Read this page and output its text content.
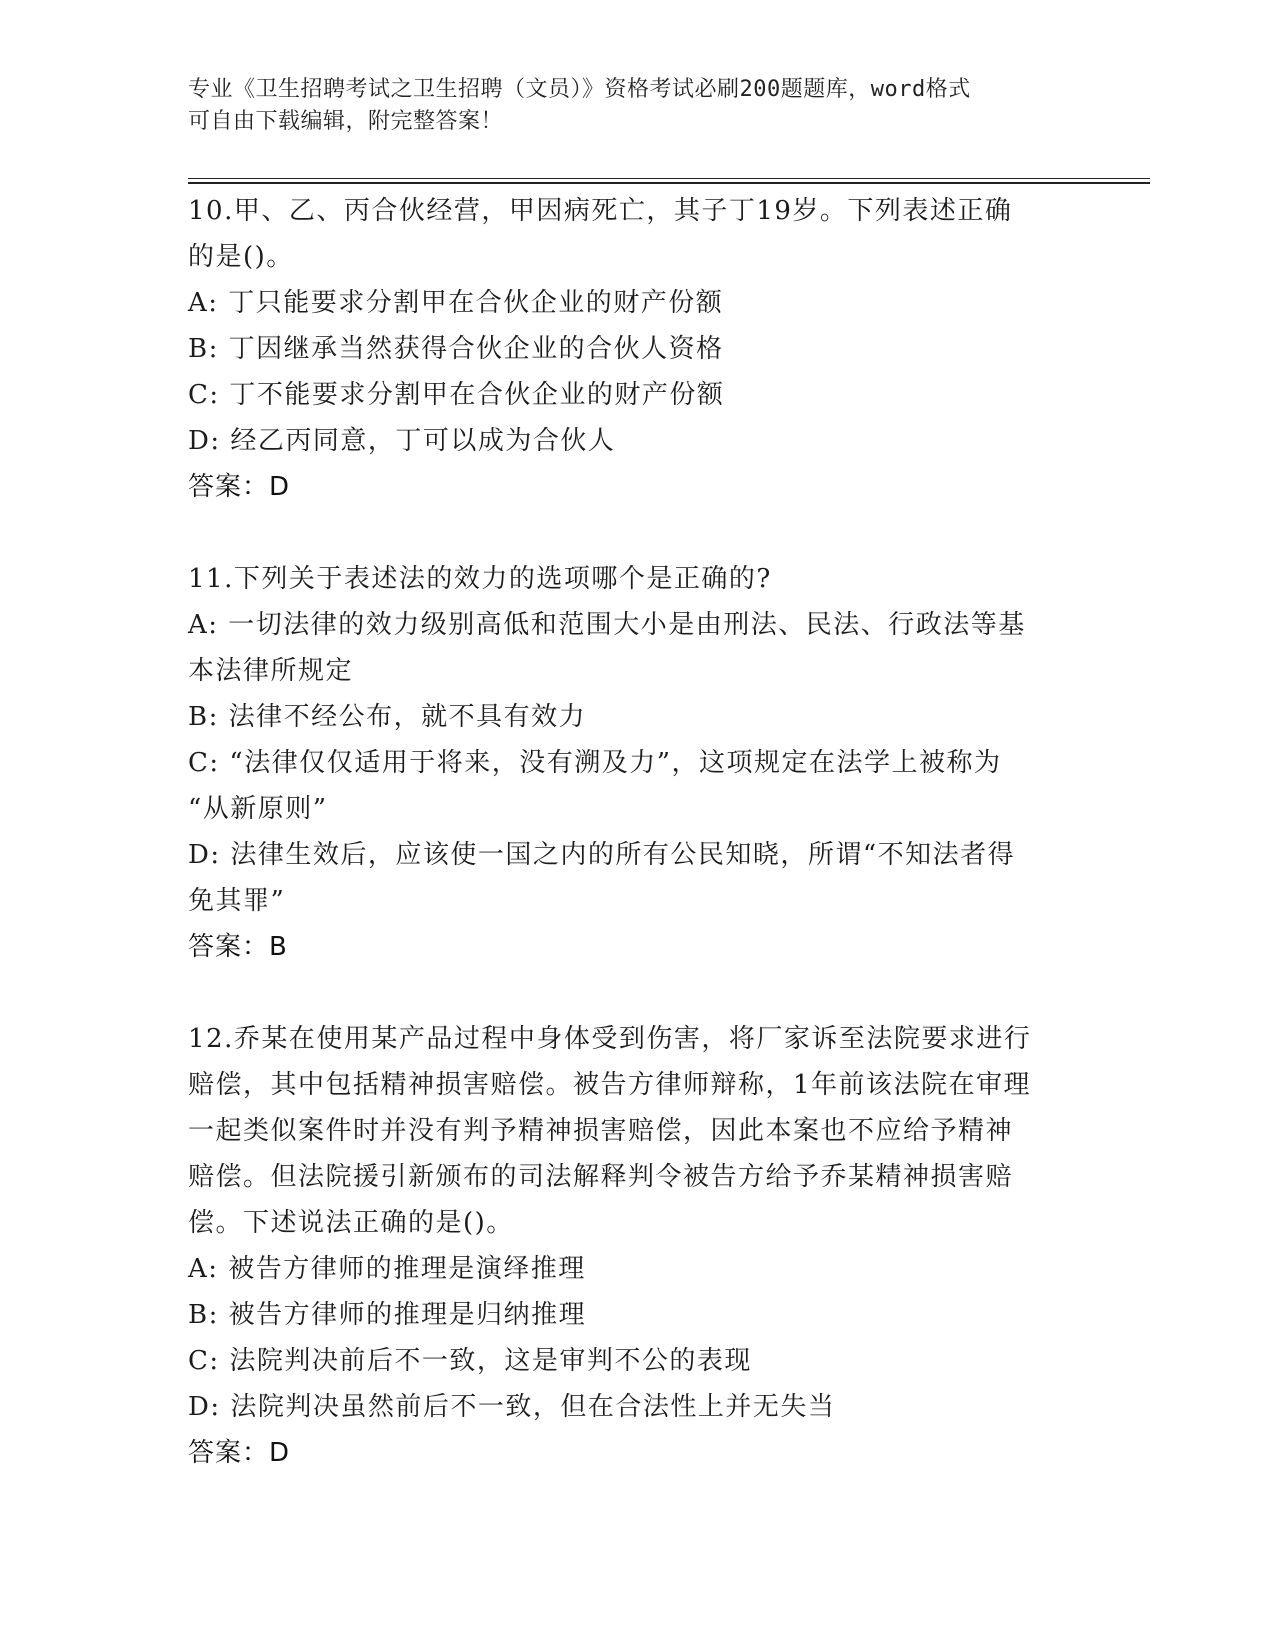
专业《卫生招聘考试之卫生招聘（文员）》资格考试必刷200题题库，word格式
可自由下载编辑，附完整答案！

10.甲、乙、丙合伙经营，甲因病死亡，其子丁19岁。下列表述正确

的是()。

A: 丁只能要求分割甲在合伙企业的财产份额

B: 丁因继承当然获得合伙企业的合伙人资格

C: 丁不能要求分割甲在合伙企业的财产份额

D: 经乙丙同意，丁可以成为合伙人

答案：D

11.下列关于表述法的效力的选项哪个是正确的?

A: 一切法律的效力级别高低和范围大小是由刑法、民法、行政法等基

本法律所规定

B: 法律不经公布，就不具有效力

C: “法律仅仅适用于将来，没有溯及力”，这项规定在法学上被称为

“从新原则”

D: 法律生效后，应该使一国之内的所有公民知晓，所谓“不知法者得

免其罪”

答案：B

12.乔某在使用某产品过程中身体受到伤害，将厂家诉至法院要求进行

赔偿，其中包括精神损害赔偿。被告方律师辩称，1年前该法院在审理

一起类似案件时并没有判予精神损害赔偿，因此本案也不应给予精神

赔偿。但法院援引新颁布的司法解释判令被告方给予乔某精神损害赔

偿。下述说法正确的是()。

A: 被告方律师的推理是演绎推理

B: 被告方律师的推理是归纳推理

C: 法院判决前后不一致，这是审判不公的表现

D: 法院判决虽然前后不一致，但在合法性上并无失当

答案：D
